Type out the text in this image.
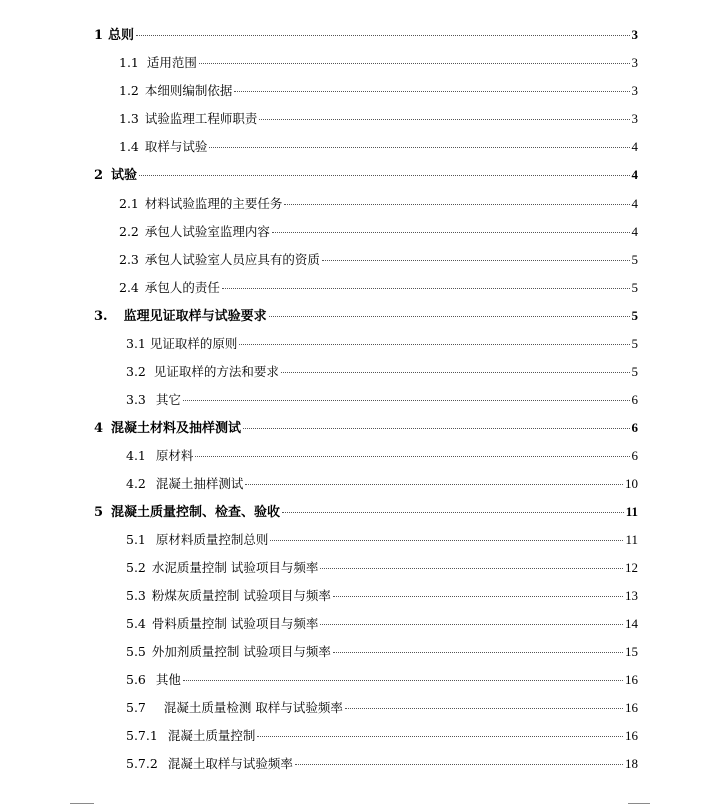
1 总则	3
1.1 适用范围	3
1.2 本细则编制依据	3
1.3 试验监理工程师职责	3
1.4 取样与试验	4
2 试验	4
2.1 材料试验监理的主要任务	4
2.2 承包人试验室监理内容	4
2.3 承包人试验室人员应具有的资质	5
2.4 承包人的责任	5
3. 监理见证取样与试验要求	5
3.1 见证取样的原则	5
3.2 见证取样的方法和要求	5
3.3 其它	6
4 混凝土材料及抽样测试	6
4.1 原材料	6
4.2 混凝土抽样测试	10
5 混凝土质量控制、检查、验收	11
5.1 原材料质量控制总则	11
5.2 水泥质量控制 试验项目与频率	12
5.3 粉煤灰质量控制 试验项目与频率	13
5.4 骨料质量控制 试验项目与频率	14
5.5 外加剂质量控制 试验项目与频率	15
5.6 其他	16
5.7 混凝土质量检测 取样与试验频率	16
5.7.1 混凝土质量控制	16
5.7.2 混凝土取样与试验频率	18
